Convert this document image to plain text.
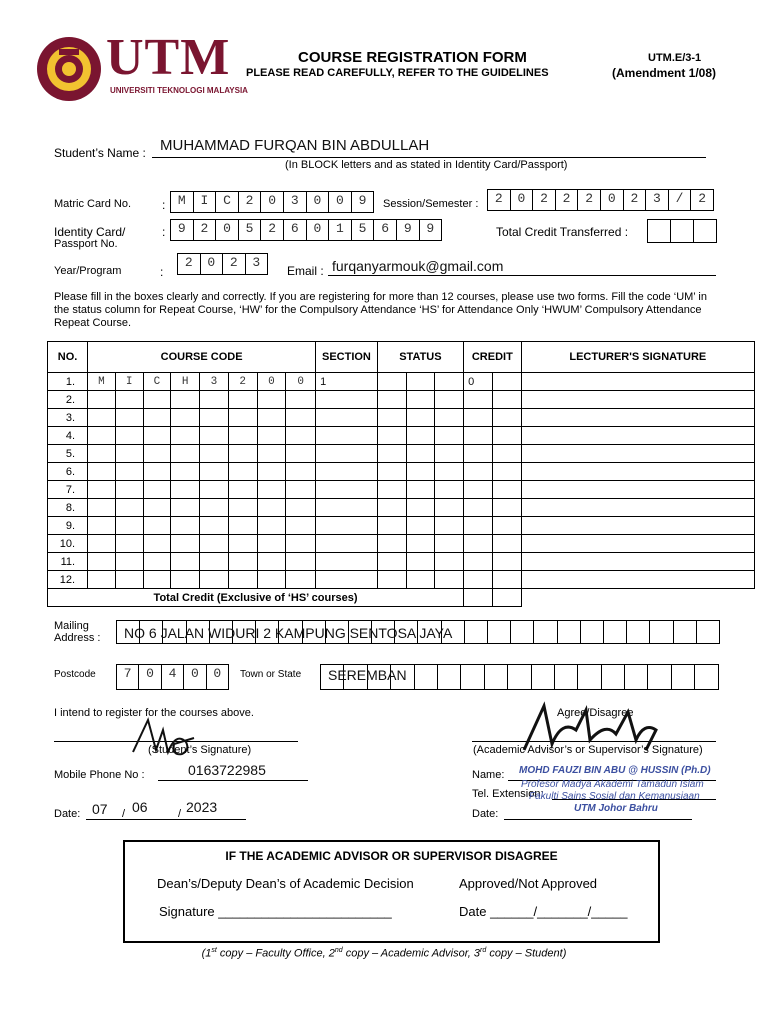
UTM
UNIVERSITI TEKNOLOGI MALAYSIA
COURSE REGISTRATION FORM
PLEASE READ CAREFULLY, REFER TO THE GUIDELINES
UTM.E/3-1
(Amendment 1/08)
Student’s Name : MUHAMMAD FURQAN BIN ABDULLAH
(In BLOCK letters and as stated in Identity Card/Passport)
Matric Card No.	: M	I	C	2	0	3	0	0	9	Session/Semester :	2	0	2	2	2	0	2	3	/	2
Identity Card/
Passport No.
: 9	2	0	5	2	6	0	1	5	6	9	9	Total Credit Transferred :
Year/Program	:
2	0	2	3
Email : furqanyarmouk@gmail.com
Please fill in the boxes clearly and correctly. If you are registering for more than 12 courses, please use two forms. Fill the code ‘UM’ in the status column for Repeat Course, ‘HW’ for the Compulsory Attendance ‘HS’ for Attendance Only ‘HWUM’ Compulsory Attendance Repeat Course.
NO.	COURSE CODE								SECTION	STATUS			CREDIT		LECTURER'S SIGNATURE
1.	M	I	C	H	3	2	0	0	1				0		
2.															
3.															
4.															
5.															
6.															
7.															
8.															
9.															
10.															
11.															
12.															
Total Credit (Exclusive of ‘HS’ courses)															
Mailing
Address : NO 6 JALAN WIDURI 2 KAMPUNG SENTOSA JAYA
Postcode	7	0	4	0	0	Town or State SEREMBAN
I intend to register for the courses above.
(Student’s Signature)
Mobile Phone No :	0163722985
Date: 07 / 06	/ 2023
Agree/Disagree
(Academic Advisor’s or Supervisor’s Signature)
Name:
Tel. Extension:
Date:
MOHD FAUZI BIN ABU @ HUSSIN (Ph.D)
Profesor Madya Akademi Tamadun Islam
Fakulti Sains Sosial dan Kemanusiaan
UTM Johor Bahru
IF THE ACADEMIC ADVISOR OR SUPERVISOR DISAGREE
Dean’s/Deputy Dean’s of Academic Decision	Approved/Not Approved
Signature ________________________	Date ______/_______/_____
(1st copy – Faculty Office, 2nd copy – Academic Advisor, 3rd copy – Student)
